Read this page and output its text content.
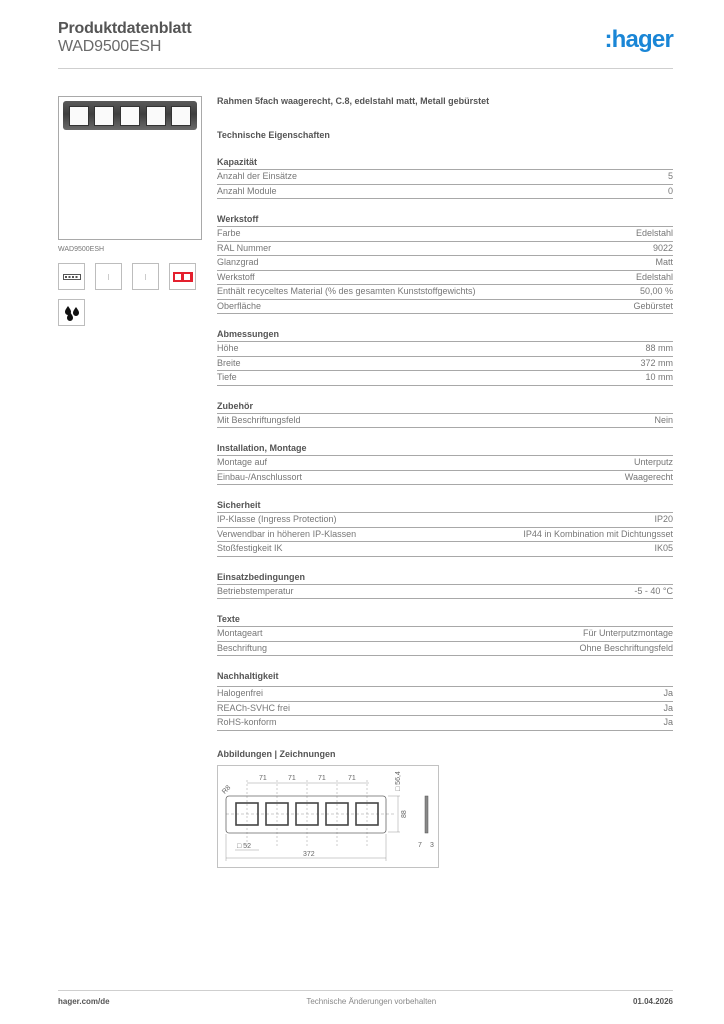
Produktdatenblatt
WAD9500ESH	:hager
WAD9500ESH
Rahmen 5fach waagerecht, C.8, edelstahl matt, Metall gebürstet
Technische Eigenschaften
Kapazität
Anzahl der Einsätze	5
Anzahl Module	0
Werkstoff
Farbe	Edelstahl
RAL Nummer	9022
Glanzgrad	Matt
Werkstoff	Edelstahl
Enthält recyceltes Material (% des gesamten Kunststoffgewichts)	50,00 %
Oberfläche	Gebürstet
Abmessungen
Höhe	88 mm
Breite	372 mm
Tiefe	10 mm
Zubehör
Mit Beschriftungsfeld	Nein
Installation, Montage
Montage auf	Unterputz
Einbau-/Anschlussort	Waagerecht
Sicherheit
IP-Klasse (Ingress Protection)	IP20
Verwendbar in höheren IP-Klassen	IP44 in Kombination mit Dichtungsset
Stoßfestigkeit IK	IK05
Einsatzbedingungen
Betriebstemperatur	-5 - 40 °C
Texte
Montageart	Für Unterputzmontage
Beschriftung	Ohne Beschriftungsfeld
Nachhaltigkeit
Halogenfrei	Ja
REACh-SVHC frei	Ja
RoHS-konform	Ja
Abbildungen | Zeichnungen
71	71	71	71
R8
□ 52
372
88
□ 56,4
7 3
hager.com/de	Technische Änderungen vorbehalten	01.04.2026
